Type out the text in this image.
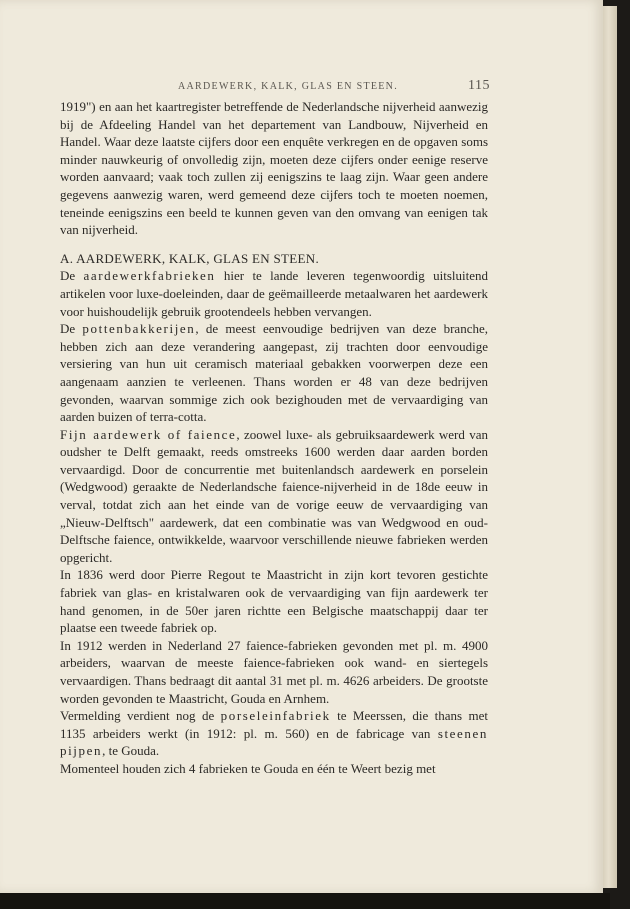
AARDEWERK, KALK, GLAS EN STEEN.	115

1919") en aan het kaartregister betreffende de Nederlandsche nijverheid aanwezig bij de Afdeeling Handel van het departement van Landbouw, Nijverheid en Handel. Waar deze laatste cijfers door een enquête verkregen en de opgaven soms minder nauwkeurig of onvolledig zijn, moeten deze cijfers onder eenige reserve worden aanvaard; vaak toch zullen zij eenigszins te laag zijn. Waar geen andere gegevens aanwezig waren, werd gemeend deze cijfers toch te moeten noemen, teneinde eenigszins een beeld te kunnen geven van den omvang van eenigen tak van nijverheid.

A. AARDEWERK, KALK, GLAS EN STEEN.

De aardewerkfabrieken hier te lande leveren tegenwoordig uitsluitend artikelen voor luxe-doeleinden, daar de geëmailleerde metaalwaren het aardewerk voor huishoudelijk gebruik grootendeels hebben vervangen.

De pottenbakkerijen, de meest eenvoudige bedrijven van deze branche, hebben zich aan deze verandering aangepast, zij trachten door eenvoudige versiering van hun uit ceramisch materiaal gebakken voorwerpen deze een aangenaam aanzien te verleenen. Thans worden er 48 van deze bedrijven gevonden, waarvan sommige zich ook bezighouden met de vervaardiging van aarden buizen of terra-cotta.

Fijn aardewerk of faience, zoowel luxe- als gebruiksaardewerk werd van oudsher te Delft gemaakt, reeds omstreeks 1600 werden daar aarden borden vervaardigd. Door de concurrentie met buitenlandsch aardewerk en porselein (Wedgwood) geraakte de Nederlandsche faience-nijverheid in de 18de eeuw in verval, totdat zich aan het einde van de vorige eeuw de vervaardiging van „Nieuw-Delftsch" aardewerk, dat een combinatie was van Wedgwood en oud-Delftsche faience, ontwikkelde, waarvoor verschillende nieuwe fabrieken werden opgericht.

In 1836 werd door Pierre Regout te Maastricht in zijn kort tevoren gestichte fabriek van glas- en kristalwaren ook de vervaardiging van fijn aardewerk ter hand genomen, in de 50er jaren richtte een Belgische maatschappij daar ter plaatse een tweede fabriek op.

In 1912 werden in Nederland 27 faience-fabrieken gevonden met pl. m. 4900 arbeiders, waarvan de meeste faience-fabrieken ook wand- en siertegels vervaardigen. Thans bedraagt dit aantal 31 met pl. m. 4626 arbeiders. De grootste worden gevonden te Maastricht, Gouda en Arnhem.

Vermelding verdient nog de porseleinfabriek te Meerssen, die thans met 1135 arbeiders werkt (in 1912: pl. m. 560) en de fabricage van steenen pijpen, te Gouda.

Momenteel houden zich 4 fabrieken te Gouda en één te Weert bezig met
